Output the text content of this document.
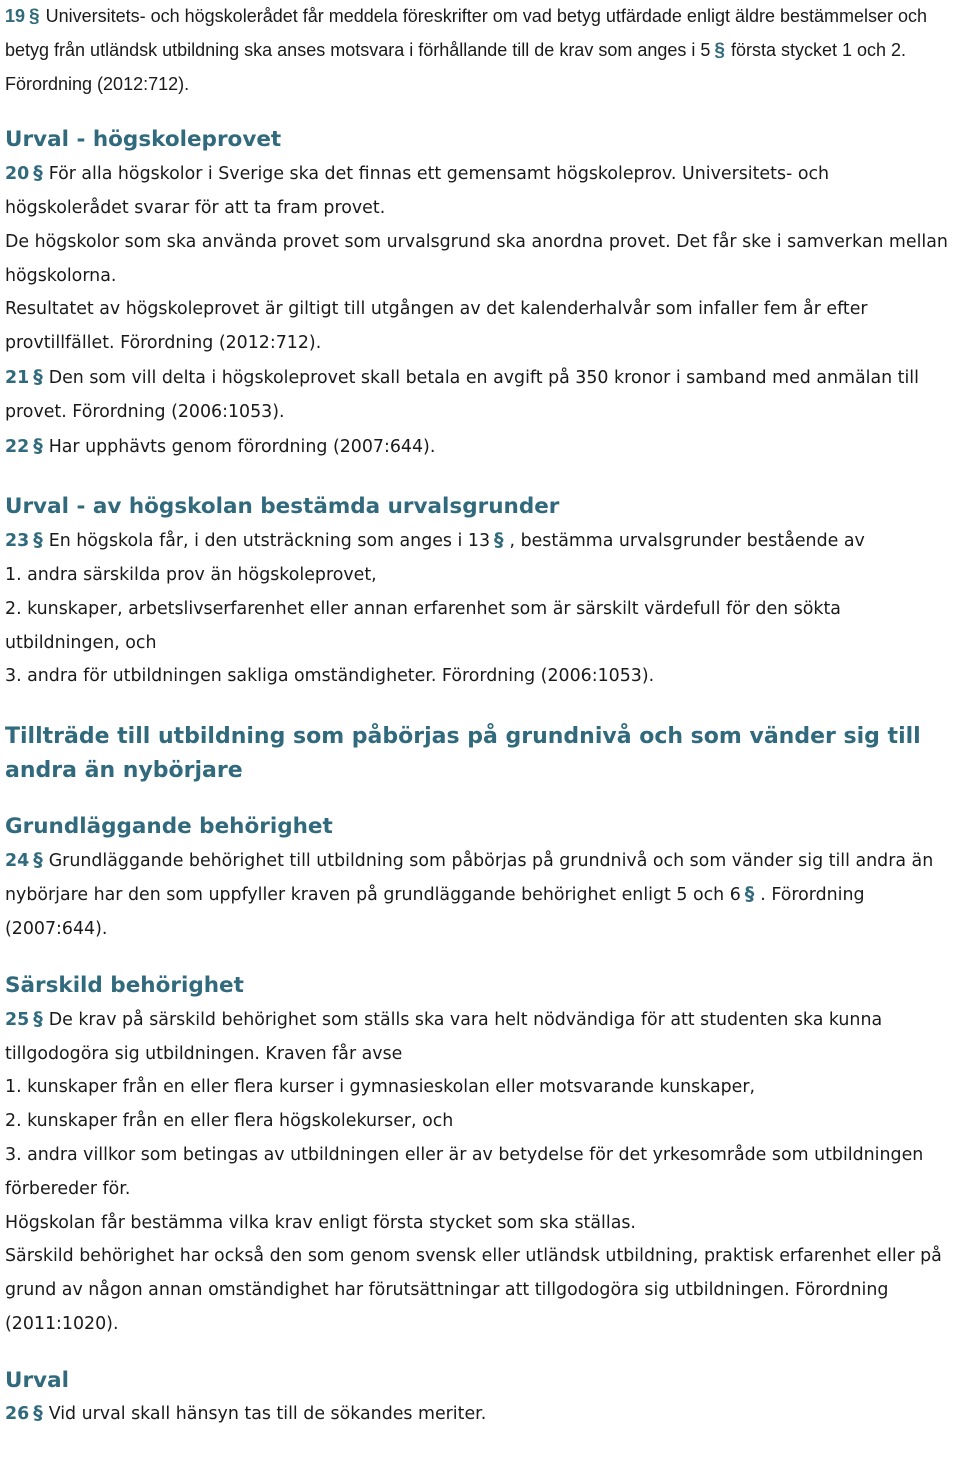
19 § Universitets- och högskolerådet får meddela föreskrifter om vad betyg utfärdade enligt äldre bestämmelser och betyg från utländsk utbildning ska anses motsvara i förhållande till de krav som anges i 5 § första stycket 1 och 2. Förordning (2012:712).

Urval - högskoleprovet

20 § För alla högskolor i Sverige ska det finnas ett gemensamt högskoleprov. Universitets- och högskolerådet svarar för att ta fram provet.

De högskolor som ska använda provet som urvalsgrund ska anordna provet. Det får ske i samverkan mellan högskolorna.

Resultatet av högskoleprovet är giltigt till utgången av det kalenderhalvår som infaller fem år efter provtillfället. Förordning (2012:712).

21 § Den som vill delta i högskoleprovet skall betala en avgift på 350 kronor i samband med anmälan till provet. Förordning (2006:1053).

22 § Har upphävts genom förordning (2007:644).

Urval - av högskolan bestämda urvalsgrunder

23 § En högskola får, i den utsträckning som anges i 13 § , bestämma urvalsgrunder bestående av

1. andra särskilda prov än högskoleprovet,

2. kunskaper, arbetslivserfarenhet eller annan erfarenhet som är särskilt värdefull för den sökta utbildningen, och

3. andra för utbildningen sakliga omständigheter. Förordning (2006:1053).

Tillträde till utbildning som påbörjas på grundnivå och som vänder sig till andra än nybörjare
Grundläggande behörighet

24 § Grundläggande behörighet till utbildning som påbörjas på grundnivå och som vänder sig till andra än nybörjare har den som uppfyller kraven på grundläggande behörighet enligt 5 och 6 § . Förordning (2007:644).

Särskild behörighet

25 § De krav på särskild behörighet som ställs ska vara helt nödvändiga för att studenten ska kunna tillgodogöra sig utbildningen. Kraven får avse

1. kunskaper från en eller flera kurser i gymnasieskolan eller motsvarande kunskaper,

2. kunskaper från en eller flera högskolekurser, och

3. andra villkor som betingas av utbildningen eller är av betydelse för det yrkesområde som utbildningen förbereder för.

Högskolan får bestämma vilka krav enligt första stycket som ska ställas.

Särskild behörighet har också den som genom svensk eller utländsk utbildning, praktisk erfarenhet eller på grund av någon annan omständighet har förutsättningar att tillgodogöra sig utbildningen. Förordning (2011:1020).

Urval

26 § Vid urval skall hänsyn tas till de sökandes meriter.
